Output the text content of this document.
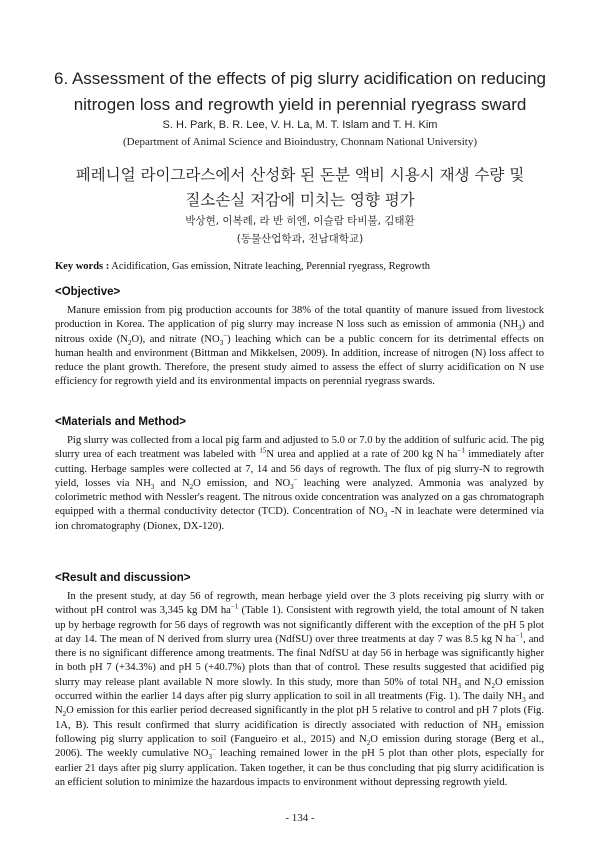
6. Assessment of the effects of pig slurry acidification on reducing
nitrogen loss and regrowth yield in perennial ryegrass sward
S. H. Park, B. R. Lee, V. H. La, M. T. Islam and T. H. Kim
(Department of Animal Science and Bioindustry, Chonnam National University)
페레니얼 라이그라스에서 산성화 된 돈분 액비 시용시 재생 수량 및
질소손실 저감에 미치는 영향 평가
박상현, 이복례, 라 반 히엔, 이슬람 타비불, 김태환
(동물산업학과, 전남대학교)
Key words : Acidification, Gas emission, Nitrate leaching, Perennial ryegrass, Regrowth
<Objective>
Manure emission from pig production accounts for 38% of the total quantity of manure issued from livestock production in Korea. The application of pig slurry may increase N loss such as emission of ammonia $(NH_3)$ and nitrous oxide $(N_2O)$, and nitrate $(NO_3^-)$ leaching which can be a public concern for its detrimental effects on human health and environment (Bittman and Mikkelsen, 2009). In addition, increase of nitrogen (N) loss affect to reduce the plant growth. Therefore, the present study aimed to assess the effect of slurry acidification on N use efficiency for regrowth yield and its environmental impacts on perennial ryegrass swards.
<Materials and Method>
Pig slurry was collected from a local pig farm and adjusted to 5.0 or 7.0 by the addition of sulfuric acid. The pig slurry urea of each treatment was labeled with $^{15}$N urea and applied at a rate of 200 kg N $ha^{-1}$ immediately after cutting. Herbage samples were collected at 7, 14 and 56 days of regrowth. The flux of pig slurry-N to regrowth yield, losses via $NH_3$ and $N_2O$ emission, and $NO_3^-$ leaching were analyzed. Ammonia was analyzed by colorimetric method with Nessler's reagent. The nitrous oxide concentration was analyzed on a gas chromatograph equipped with a thermal conductivity detector (TCD). Concentration of $NO_3$ -N in leachate were determined via ion chromatography (Dionex, DX-120).
<Result and discussion>
In the present study, at day 56 of regrowth, mean herbage yield over the 3 plots receiving pig slurry with or without pH control was 3,345 kg DM $ha^{-1}$ (Table 1). Consistent with regrowth yield, the total amount of N taken up by herbage regrowth for 56 days of regrowth was not significantly different with the exception of the pH 5 plot at day 14. The mean of N derived from slurry urea (NdfSU) over three treatments at day 7 was 8.5 kg N $ha^{-1}$, and there is no significant difference among treatments. The final NdfSU at day 56 in herbage was significantly higher in both pH 7 (+34.3%) and pH 5 (+40.7%) plots than that of control. These results suggested that acidified pig slurry may release plant available N more slowly. In this study, more than 50% of total $NH_3$ and $N_2O$ emission occurred within the earlier 14 days after pig slurry application to soil in all treatments (Fig. 1). The daily $NH_3$ and $N_2O$ emission for this earlier period decreased significantly in the plot pH 5 relative to control and pH 7 plots (Fig. 1A, B). This result confirmed that slurry acidification is directly associated with reduction of $NH_3$ emission following pig slurry application to soil (Fangueiro et al., 2015) and $N_2O$ emission during storage (Berg et al., 2006). The weekly cumulative $NO_3^-$ leaching remained lower in the pH 5 plot than other plots, especially for earlier 21 days after pig slurry application. Taken together, it can be thus concluding that pig slurry acidification is an efficient solution to minimize the hazardous impacts to environment without depressing regrowth yield.
- 134 -
